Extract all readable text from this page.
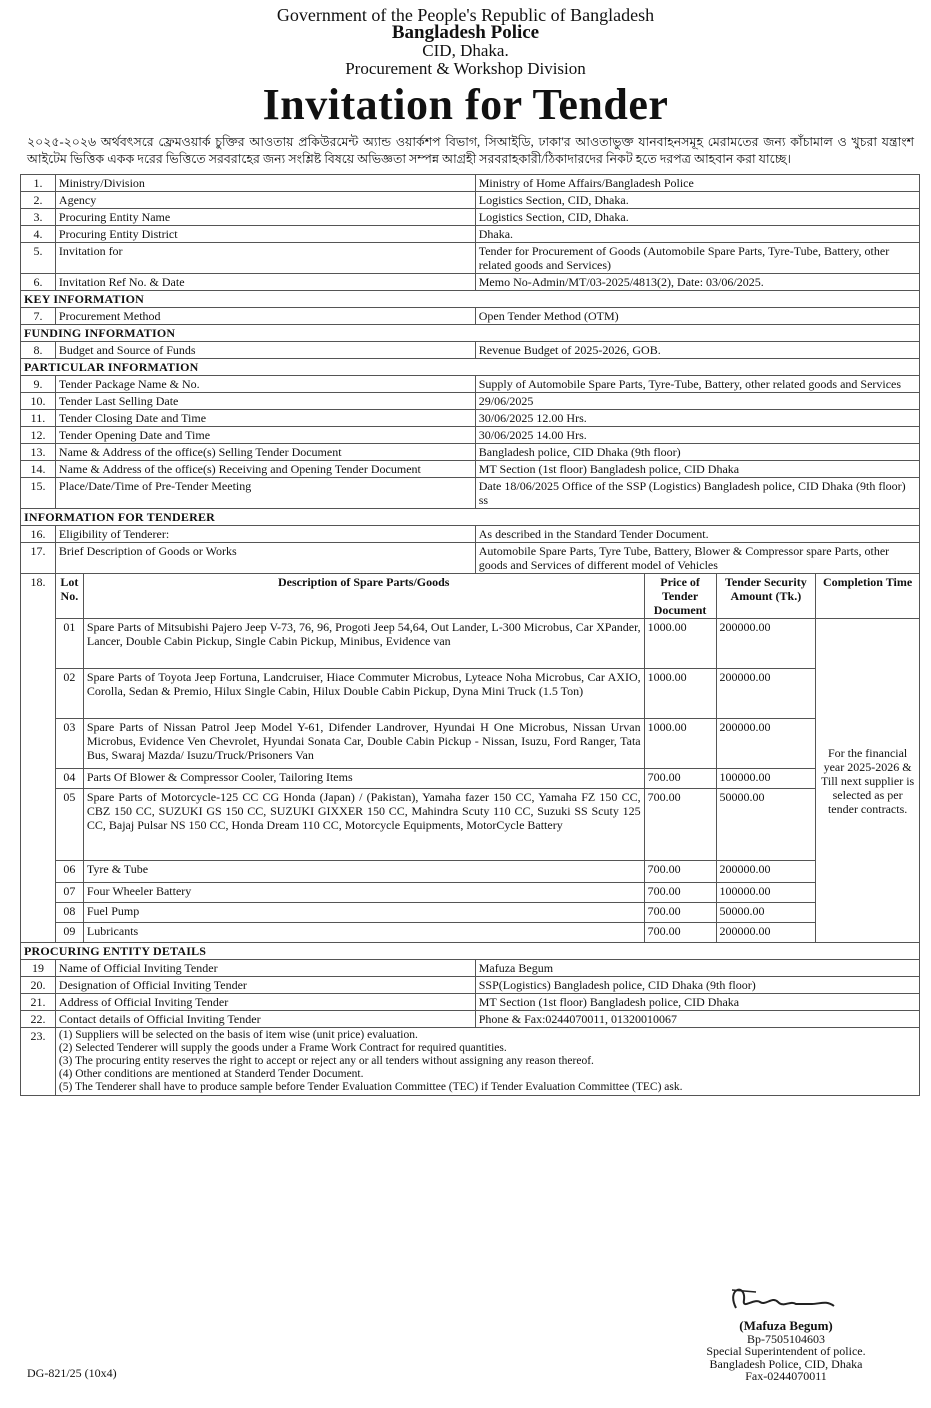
Government of the People's Republic of Bangladesh
Bangladesh Police
CID, Dhaka.
Procurement & Workshop Division
Invitation for Tender
২০২৫-২০২৬ অর্থবৎসরে ফ্রেমওয়ার্ক চুক্তির আওতায় প্রকিউরমেন্ট অ্যান্ড ওয়ার্কশপ বিভাগ, সিআইডি, ঢাকা'র আওতাভুক্ত যানবাহনসমূহ মেরামতের জন্য কাঁচামাল ও খুচরা যন্ত্রাংশ আইটেম ভিত্তিক একক দরের ভিত্তিতে সরবরাহের জন্য সংশ্লিষ্ট বিষয়ে অভিজ্ঞতা সম্পন্ন আগ্রহী সরবরাহকারী/ঠিকাদারদের নিকট হতে দরপত্র আহবান করা যাচ্ছে।
1.	Ministry/Division		Ministry of Home Affairs/Bangladesh Police			
2.	Agency		Logistics Section, CID, Dhaka.			
3.	Procuring Entity Name		Logistics Section, CID, Dhaka.			
4.	Procuring Entity District		Dhaka.			
5.	Invitation for		Tender for Procurement of Goods (Automobile Spare Parts, Tyre-Tube, Battery, other related goods and Services)			
6.	Invitation Ref No. & Date		Memo No-Admin/MT/03-2025/4813(2), Date: 03/06/2025.			
KEY INFORMATION						
7.	Procurement Method		Open Tender Method (OTM)			
FUNDING INFORMATION						
8.	Budget and Source of Funds		Revenue Budget of 2025-2026, GOB.			
PARTICULAR INFORMATION						
9.	Tender Package Name & No.		Supply of Automobile Spare Parts, Tyre-Tube, Battery, other related goods and Services			
10.	Tender Last Selling Date		29/06/2025			
11.	Tender Closing Date and Time		30/06/2025 12.00 Hrs.			
12.	Tender Opening Date and Time		30/06/2025 14.00 Hrs.			
13.	Name & Address of the office(s) Selling Tender Document		Bangladesh police, CID Dhaka (9th floor)			
14.	Name & Address of the office(s) Receiving and Opening Tender Document		MT Section (1st floor) Bangladesh police, CID Dhaka			
15.	Place/Date/Time of Pre-Tender Meeting		Date 18/06/2025 Office of the SSP (Logistics) Bangladesh police, CID Dhaka (9th floor) ss			
INFORMATION FOR TENDERER						
16.	Eligibility of Tenderer:		As described in the Standard Tender Document.			
17.	Brief Description of Goods or Works		Automobile Spare Parts, Tyre Tube, Battery, Blower & Compressor spare Parts, other goods and Services of different model of Vehicles			
18.	Lot No.	Description of Spare Parts/Goods		Price of Tender Document	Tender Security Amount (Tk.)	Completion Time
	01	Spare Parts of Mitsubishi Pajero Jeep V-73, 76, 96, Progoti Jeep 54,64, Out Lander, L-300 Microbus, Car XPander, Lancer, Double Cabin Pickup, Single Cabin Pickup, Minibus, Evidence van		1000.00	200000.00	For the financial year 2025-2026 & Till next supplier is selected as per tender contracts.
	02	Spare Parts of Toyota Jeep Fortuna, Landcruiser, Hiace Commuter Microbus, Lyteace Noha Microbus, Car AXIO, Corolla, Sedan & Premio, Hilux Single Cabin, Hilux Double Cabin Pickup, Dyna Mini Truck (1.5 Ton)		1000.00	200000.00	
	03	Spare Parts of Nissan Patrol Jeep Model Y-61, Difender Landrover, Hyundai H One Microbus, Nissan Urvan Microbus, Evidence Ven Chevrolet, Hyundai Sonata Car, Double Cabin Pickup - Nissan, Isuzu, Ford Ranger, Tata Bus, Swaraj Mazda/ Isuzu/Truck/Prisoners Van		1000.00	200000.00	
	04	Parts Of Blower & Compressor Cooler, Tailoring Items		700.00	100000.00	
	05	Spare Parts of Motorcycle-125 CC CG Honda (Japan) / (Pakistan), Yamaha fazer 150 CC, Yamaha FZ 150 CC, CBZ 150 CC, SUZUKI GS 150 CC, SUZUKI GIXXER 150 CC, Mahindra Scuty 110 CC, Suzuki SS Scuty 125 CC, Bajaj Pulsar NS 150 CC, Honda Dream 110 CC, Motorcycle Equipments, MotorCycle Battery		700.00	50000.00	
	06	Tyre & Tube		700.00	200000.00	
	07	Four Wheeler Battery		700.00	100000.00	
	08	Fuel Pump		700.00	50000.00	
	09	Lubricants		700.00	200000.00	
PROCURING ENTITY DETAILS						
19	Name of Official Inviting Tender		Mafuza Begum			
20.	Designation of Official Inviting Tender		SSP(Logistics) Bangladesh police, CID Dhaka (9th floor)			
21.	Address of Official Inviting Tender		MT Section (1st floor) Bangladesh police, CID Dhaka			
22.	Contact details of Official Inviting Tender		Phone & Fax:0244070011, 01320010067			
23.	(1) Suppliers will be selected on the basis of item wise (unit price) evaluation.
(2) Selected Tenderer will supply the goods under a Frame Work Contract for required quantities.
(3) The procuring entity reserves the right to accept or reject any or all tenders without assigning any reason thereof.
(4) Other conditions are mentioned at Standerd Tender Document.
(5) The Tenderer shall have to produce sample before Tender Evaluation Committee (TEC) if Tender Evaluation Committee (TEC) ask.					
(Mafuza Begum)
Bp-7505104603
Special Superintendent of police.
Bangladesh Police, CID, Dhaka
Fax-0244070011
DG-821/25 (10x4)
